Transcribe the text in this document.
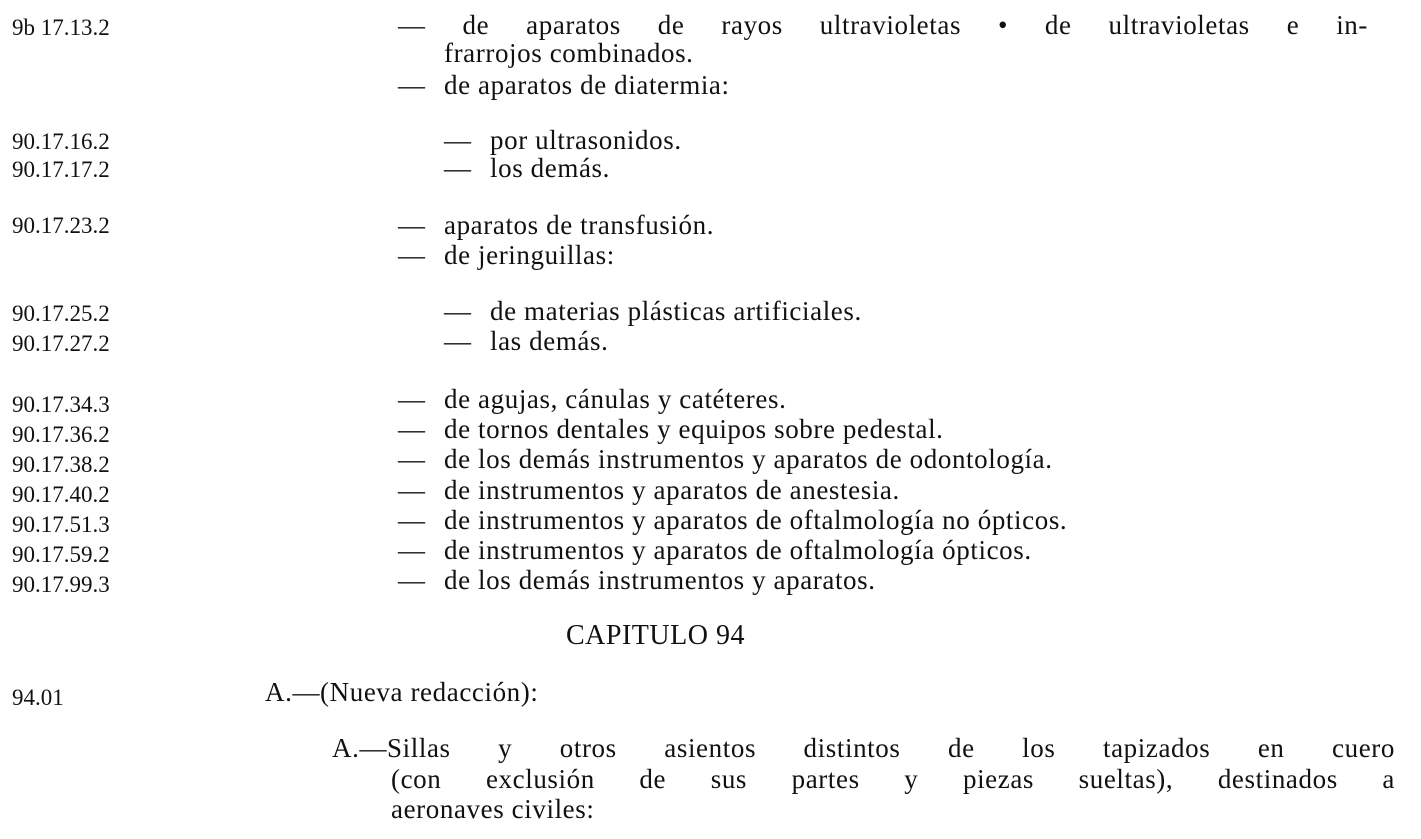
9b 17.13.2	— de aparatos de rayos ultravioletas • de ultravioletas e in-
frarrojos combinados.
— de aparatos de diatermia:
90.17.16.2	— por ultrasonidos.
90.17.17.2	— los demás.
90.17.23.2	— aparatos de transfusión.
— de jeringuillas:
90.17.25.2	— de materias plásticas artificiales.
90.17.27.2	— las demás.
90.17.34.3	— de agujas, cánulas y catéteres.
90.17.36.2	— de tornos dentales y equipos sobre pedestal.
90.17.38.2	— de los demás instrumentos y aparatos de odontología.
90.17.40.2	— de instrumentos y aparatos de anestesia.
90.17.51.3	— de instrumentos y aparatos de oftalmología no ópticos.
90.17.59.2	— de instrumentos y aparatos de oftalmología ópticos.
90.17.99.3	— de los demás instrumentos y aparatos.
CAPITULO 94
94.01	A.—(Nueva redacción):
A.—Sillas y otros asientos distintos de los tapizados en cuero
(con exclusión de sus partes y piezas sueltas), destinados a
aeronaves civiles:
